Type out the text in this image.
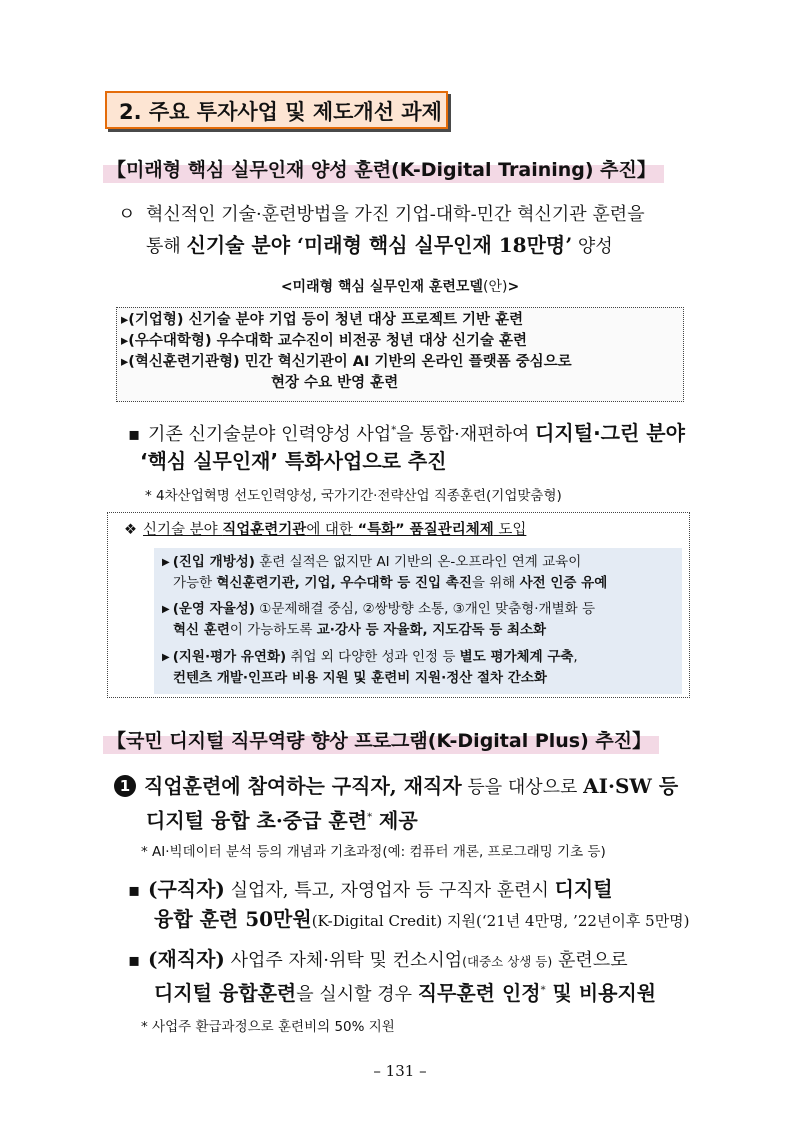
2. 주요 투자사업 및 제도개선 과제
【미래형 핵심 실무인재 양성 훈련(K-Digital Training) 추진】
ㅇ 혁신적인 기술·훈련방법을 가진 기업-대학-민간 혁신기관 훈련을
통해 신기술 분야 ‘미래형 핵심 실무인재 18만명’ 양성
<미래형 핵심 실무인재 훈련모델(안)>
▸(기업형) 신기술 분야 기업 등이 청년 대상 프로젝트 기반 훈련
▸(우수대학형) 우수대학 교수진이 비전공 청년 대상 신기술 훈련
▸(혁신훈련기관형) 민간 혁신기관이 AI 기반의 온라인 플랫폼 중심으로
현장 수요 반영 훈련
▪ 기존 신기술분야 인력양성 사업*을 통합·재편하여 디지털·그린 분야
‘핵심 실무인재’ 특화사업으로 추진
* 4차산업혁명 선도인력양성, 국가기간·전략산업 직종훈련(기업맞춤형)
❖ 신기술 분야 직업훈련기관에 대한 “특화” 품질관리체제 도입
▶ (진입 개방성) 훈련 실적은 없지만 AI 기반의 온-오프라인 연계 교육이
가능한 혁신훈련기관, 기업, 우수대학 등 진입 촉진을 위해 사전 인증 유예
▶ (운영 자율성) ①문제해결 중심, ②쌍방향 소통, ③개인 맞춤형·개별화 등
혁신 훈련이 가능하도록 교·강사 등 자율화, 지도감독 등 최소화
▶ (지원·평가 유연화) 취업 외 다양한 성과 인정 등 별도 평가체계 구축,
컨텐츠 개발·인프라 비용 지원 및 훈련비 지원·정산 절차 간소화
【국민 디지털 직무역량 향상 프로그램(K-Digital Plus) 추진】
1 직업훈련에 참여하는 구직자, 재직자 등을 대상으로 AI·SW 등
디지털 융합 초·중급 훈련* 제공
* AI·빅데이터 분석 등의 개념과 기초과정(예: 컴퓨터 개론, 프로그래밍 기초 등)
▪ (구직자) 실업자, 특고, 자영업자 등 구직자 훈련시 디지털
융합 훈련 50만원(K-Digital Credit) 지원(‘21년 4만명, ’22년이후 5만명)
▪ (재직자) 사업주 자체·위탁 및 컨소시엄(대중소 상생 등) 훈련으로
디지털 융합훈련을 실시할 경우 직무훈련 인정* 및 비용지원
* 사업주 환급과정으로 훈련비의 50% 지원
– 131 –
